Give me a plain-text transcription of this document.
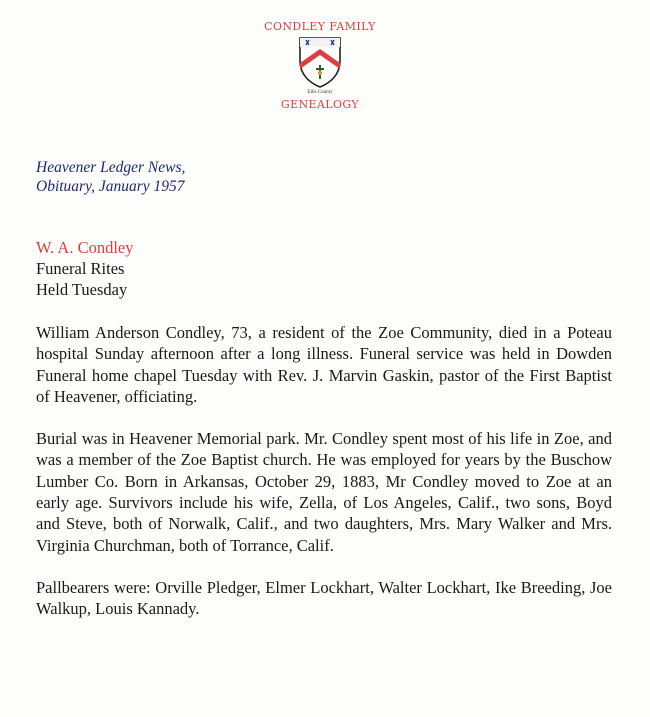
CONDLEY FAMILY
Ellis County
GENEALOGY
Heavener Ledger News,
Obituary, January 1957
W. A. Condley
Funeral Rites
Held Tuesday

William Anderson Condley, 73, a resident of the Zoe Community, died in a Poteau hospital Sunday afternoon after a long illness. Funeral service was held in Dowden Funeral home chapel Tuesday with Rev. J. Marvin Gaskin, pastor of the First Baptist of Heavener, officiating.

Burial was in Heavener Memorial park. Mr. Condley spent most of his life in Zoe, and was a member of the Zoe Baptist church. He was employed for years by the Buschow Lumber Co. Born in Arkansas, October 29, 1883, Mr Condley moved to Zoe at an early age. Survivors include his wife, Zella, of Los Angeles, Calif., two sons, Boyd and Steve, both of Norwalk, Calif., and two daughters, Mrs. Mary Walker and Mrs. Virginia Churchman, both of Torrance, Calif.

Pallbearers were: Orville Pledger, Elmer Lockhart, Walter Lockhart, Ike Breeding, Joe Walkup, Louis Kannady.
